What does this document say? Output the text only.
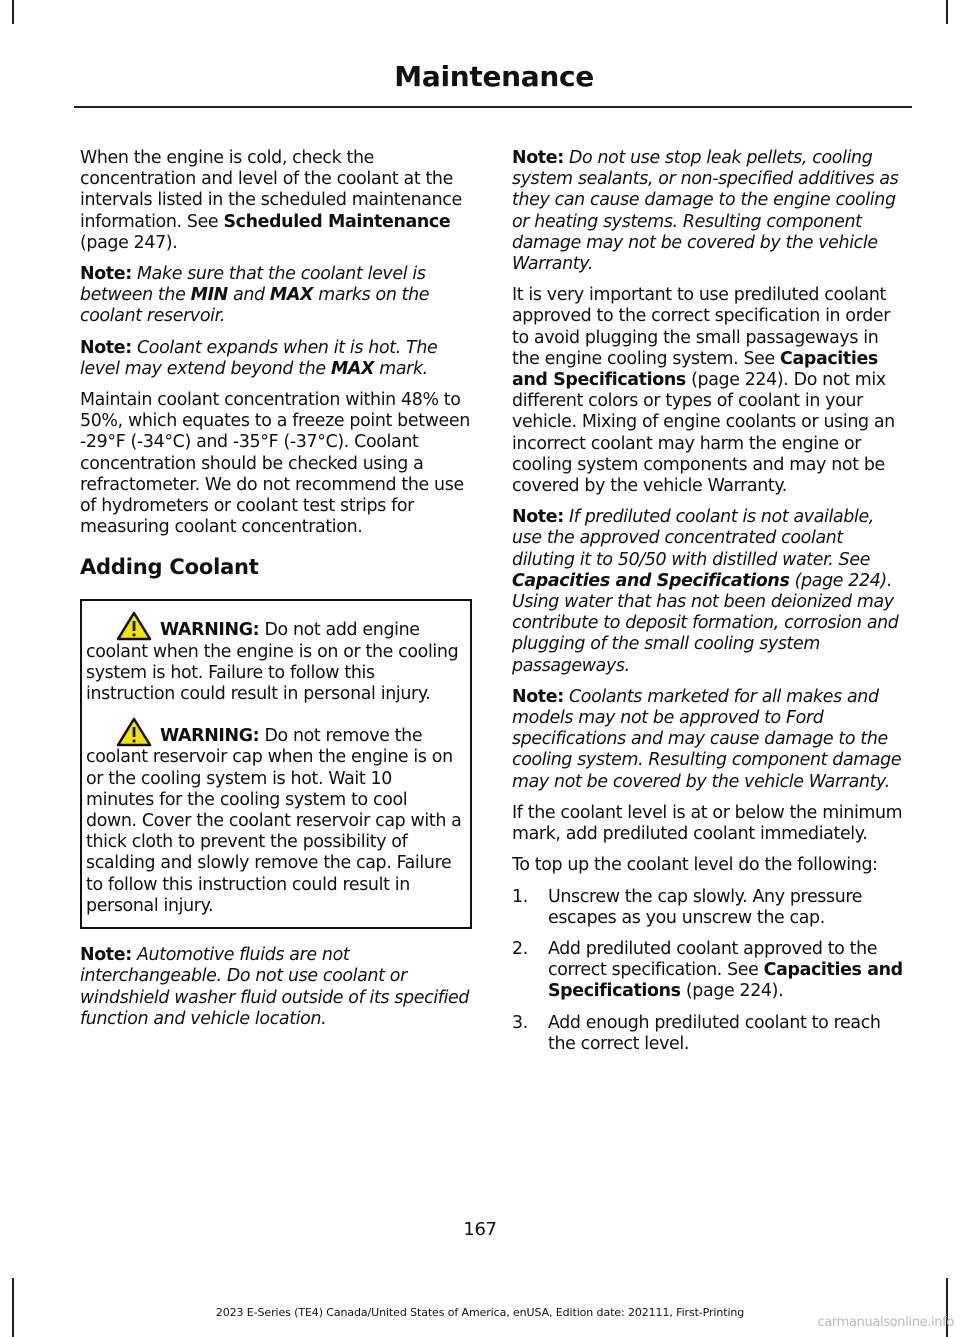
Maintenance

When the engine is cold, check the concentration and level of the coolant at the intervals listed in the scheduled maintenance information. See Scheduled Maintenance (page 247).

Note: Make sure that the coolant level is between the MIN and MAX marks on the coolant reservoir.

Note: Coolant expands when it is hot. The level may extend beyond the MAX mark.

Maintain coolant concentration within 48% to 50%, which equates to a freeze point between -29°F (-34°C) and -35°F (-37°C). Coolant concentration should be checked using a refractometer. We do not recommend the use of hydrometers or coolant test strips for measuring coolant concentration.

Adding Coolant

WARNING: Do not add engine coolant when the engine is on or the cooling system is hot. Failure to follow this instruction could result in personal injury.

WARNING: Do not remove the coolant reservoir cap when the engine is on or the cooling system is hot. Wait 10 minutes for the cooling system to cool down. Cover the coolant reservoir cap with a thick cloth to prevent the possibility of scalding and slowly remove the cap. Failure to follow this instruction could result in personal injury.

Note: Automotive fluids are not interchangeable. Do not use coolant or windshield washer fluid outside of its specified function and vehicle location.

Note: Do not use stop leak pellets, cooling system sealants, or non-specified additives as they can cause damage to the engine cooling or heating systems. Resulting component damage may not be covered by the vehicle Warranty.

It is very important to use prediluted coolant approved to the correct specification in order to avoid plugging the small passageways in the engine cooling system. See Capacities and Specifications (page 224). Do not mix different colors or types of coolant in your vehicle. Mixing of engine coolants or using an incorrect coolant may harm the engine or cooling system components and may not be covered by the vehicle Warranty.

Note: If prediluted coolant is not available, use the approved concentrated coolant diluting it to 50/50 with distilled water. See Capacities and Specifications (page 224). Using water that has not been deionized may contribute to deposit formation, corrosion and plugging of the small cooling system passageways.

Note: Coolants marketed for all makes and models may not be approved to Ford specifications and may cause damage to the cooling system. Resulting component damage may not be covered by the vehicle Warranty.

If the coolant level is at or below the minimum mark, add prediluted coolant immediately.

To top up the coolant level do the following:

1. Unscrew the cap slowly. Any pressure escapes as you unscrew the cap.
2. Add prediluted coolant approved to the correct specification. See Capacities and Specifications (page 224).
3. Add enough prediluted coolant to reach the correct level.

167

2023 E-Series (TE4) Canada/United States of America, enUSA, Edition date: 202111, First-Printing

carmanualsonline.info
